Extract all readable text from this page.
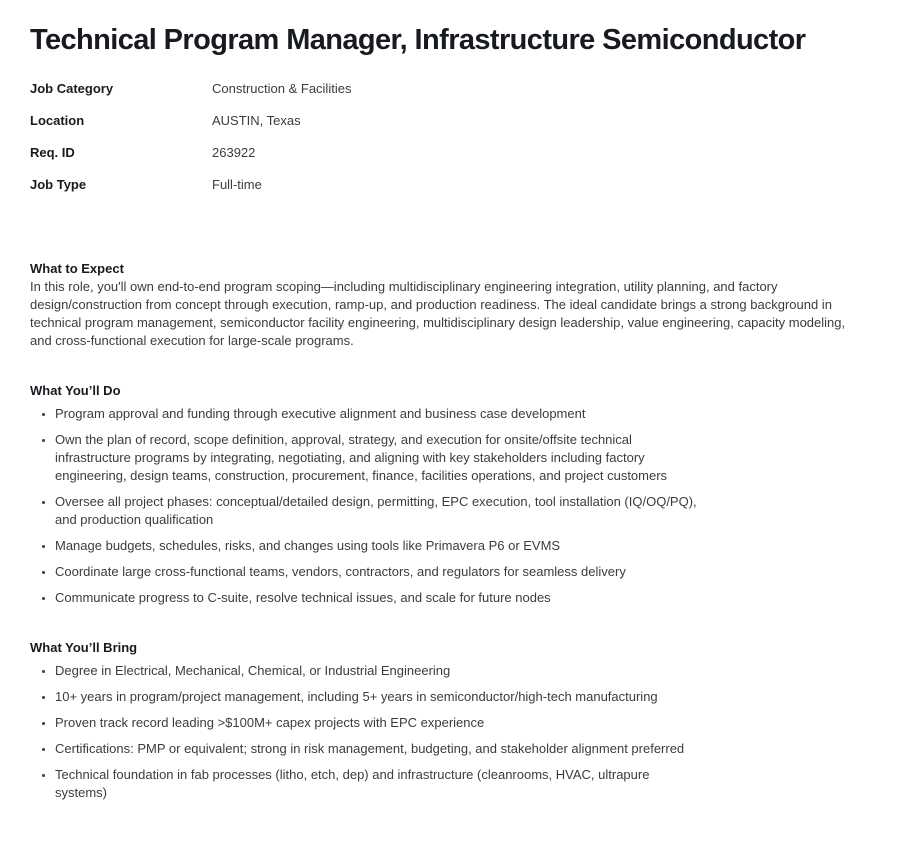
Technical Program Manager, Infrastructure Semiconductor
Job Category	Construction & Facilities
Location	AUSTIN, Texas
Req. ID	263922
Job Type	Full-time
What to Expect

In this role, you'll own end-to-end program scoping—including multidisciplinary engineering integration, utility planning, and factory design/construction from concept through execution, ramp-up, and production readiness. The ideal candidate brings a strong background in technical program management, semiconductor facility engineering, multidisciplinary design leadership, value engineering, capacity modeling, and cross-functional execution for large-scale programs.

What You’ll Do
• Program approval and funding through executive alignment and business case development
• Own the plan of record, scope definition, approval, strategy, and execution for onsite/offsite technical infrastructure programs by integrating, negotiating, and aligning with key stakeholders including factory engineering, design teams, construction, procurement, finance, facilities operations, and project customers
• Oversee all project phases: conceptual/detailed design, permitting, EPC execution, tool installation (IQ/OQ/PQ), and production qualification
• Manage budgets, schedules, risks, and changes using tools like Primavera P6 or EVMS
• Coordinate large cross-functional teams, vendors, contractors, and regulators for seamless delivery
• Communicate progress to C-suite, resolve technical issues, and scale for future nodes
What You’ll Bring
• Degree in Electrical, Mechanical, Chemical, or Industrial Engineering
• 10+ years in program/project management, including 5+ years in semiconductor/high-tech manufacturing
• Proven track record leading >$100M+ capex projects with EPC experience
• Certifications: PMP or equivalent; strong in risk management, budgeting, and stakeholder alignment preferred
• Technical foundation in fab processes (litho, etch, dep) and infrastructure (cleanrooms, HVAC, ultrapure systems)
